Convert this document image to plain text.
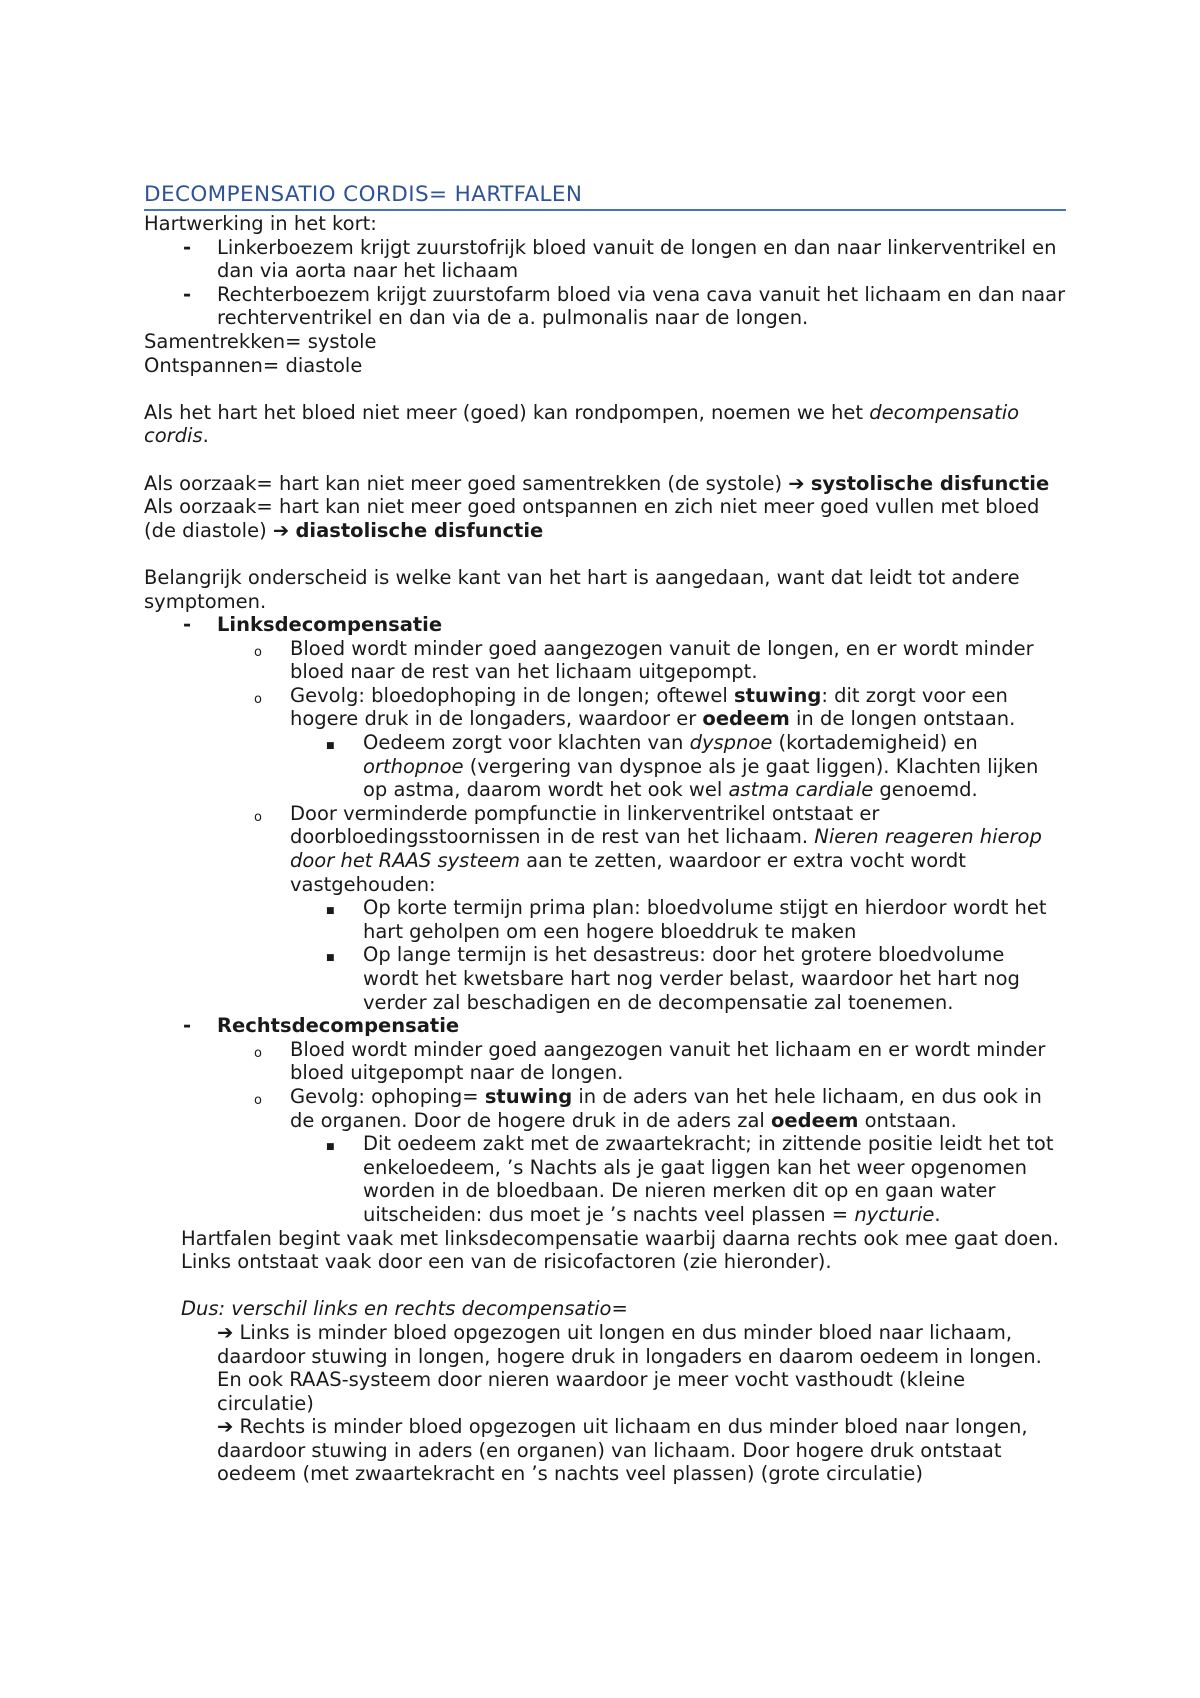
DECOMPENSATIO CORDIS= HARTFALEN

Hartwerking in het kort:

- Linkerboezem krijgt zuurstofrijk bloed vanuit de longen en dan naar linkerventrikel en dan via aorta naar het lichaam
- Rechterboezem krijgt zuurstofarm bloed via vena cava vanuit het lichaam en dan naar rechterventrikel en dan via de a. pulmonalis naar de longen.

Samentrekken= systole

Ontspannen= diastole

Als het hart het bloed niet meer (goed) kan rondpompen, noemen we het decompensatio cordis.

Als oorzaak= hart kan niet meer goed samentrekken (de systole) ➔ systolische disfunctie

Als oorzaak= hart kan niet meer goed ontspannen en zich niet meer goed vullen met bloed (de diastole) ➔ diastolische disfunctie

Belangrijk onderscheid is welke kant van het hart is aangedaan, want dat leidt tot andere symptomen.

- Linksdecompensatie
o Bloed wordt minder goed aangezogen vanuit de longen, en er wordt minder bloed naar de rest van het lichaam uitgepompt.
o Gevolg: bloedophoping in de longen; oftewel stuwing: dit zorgt voor een hogere druk in de longaders, waardoor er oedeem in de longen ontstaan.
■ Oedeem zorgt voor klachten van dyspnoe (kortademigheid) en orthopnoe (vergering van dyspnoe als je gaat liggen). Klachten lijken op astma, daarom wordt het ook wel astma cardiale genoemd.
o Door verminderde pompfunctie in linkerventrikel ontstaat er doorbloedingsstoornissen in de rest van het lichaam. Nieren reageren hierop door het RAAS systeem aan te zetten, waardoor er extra vocht wordt vastgehouden:
■ Op korte termijn prima plan: bloedvolume stijgt en hierdoor wordt het hart geholpen om een hogere bloeddruk te maken
■ Op lange termijn is het desastreus: door het grotere bloedvolume wordt het kwetsbare hart nog verder belast, waardoor het hart nog verder zal beschadigen en de decompensatie zal toenemen.
- Rechtsdecompensatie
o Bloed wordt minder goed aangezogen vanuit het lichaam en er wordt minder bloed uitgepompt naar de longen.
o Gevolg: ophoping= stuwing in de aders van het hele lichaam, en dus ook in de organen. Door de hogere druk in de aders zal oedeem ontstaan.
■ Dit oedeem zakt met de zwaartekracht; in zittende positie leidt het tot enkeloedeem, ’s Nachts als je gaat liggen kan het weer opgenomen worden in de bloedbaan. De nieren merken dit op en gaan water uitscheiden: dus moet je ’s nachts veel plassen = nycturie.

Hartfalen begint vaak met linksdecompensatie waarbij daarna rechts ook mee gaat doen. Links ontstaat vaak door een van de risicofactoren (zie hieronder).

Dus: verschil links en rechts decompensatio=

➔ Links is minder bloed opgezogen uit longen en dus minder bloed naar lichaam, daardoor stuwing in longen, hogere druk in longaders en daarom oedeem in longen. En ook RAAS-systeem door nieren waardoor je meer vocht vasthoudt (kleine circulatie)

➔ Rechts is minder bloed opgezogen uit lichaam en dus minder bloed naar longen, daardoor stuwing in aders (en organen) van lichaam. Door hogere druk ontstaat oedeem (met zwaartekracht en ’s nachts veel plassen) (grote circulatie)
